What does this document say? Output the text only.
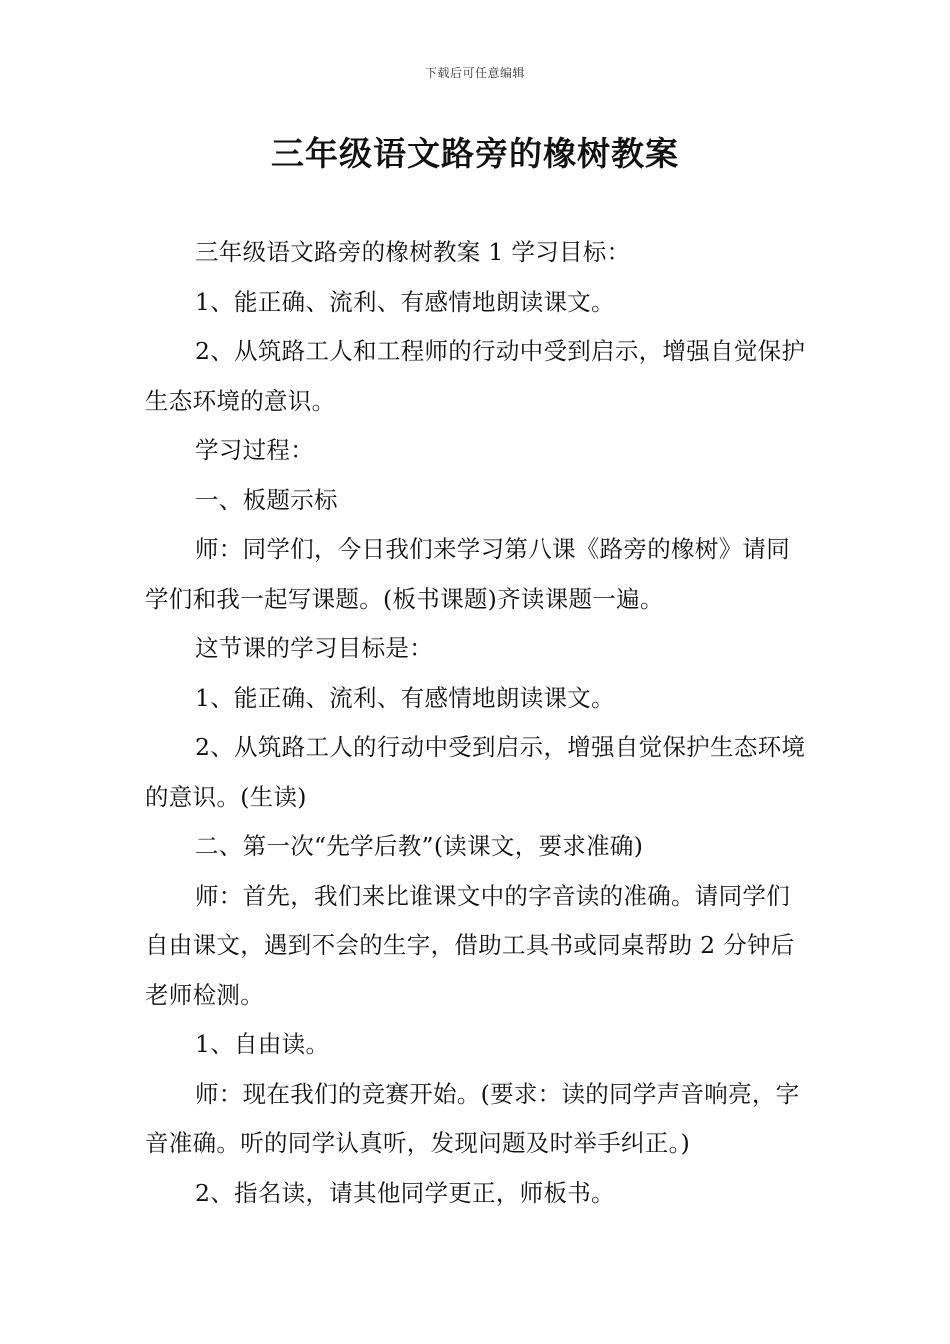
下载后可任意编辑
三年级语文路旁的橡树教案

三年级语文路旁的橡树教案 1 学习目标：

1、能正确、流利、有感情地朗读课文。

2、从筑路工人和工程师的行动中受到启示，增强自觉保护生态环境的意识。

学习过程：

一、板题示标

师：同学们，今日我们来学习第八课《路旁的橡树》请同学们和我一起写课题。(板书课题)齐读课题一遍。

这节课的学习目标是：

1、能正确、流利、有感情地朗读课文。

2、从筑路工人的行动中受到启示，增强自觉保护生态环境的意识。(生读)

二、第一次“先学后教”(读课文，要求准确)

师：首先，我们来比谁课文中的字音读的准确。请同学们自由课文，遇到不会的生字，借助工具书或同桌帮助 2 分钟后老师检测。

1、自由读。

师：现在我们的竞赛开始。(要求：读的同学声音响亮，字音准确。听的同学认真听，发现问题及时举手纠正。)

2、指名读，请其他同学更正，师板书。
